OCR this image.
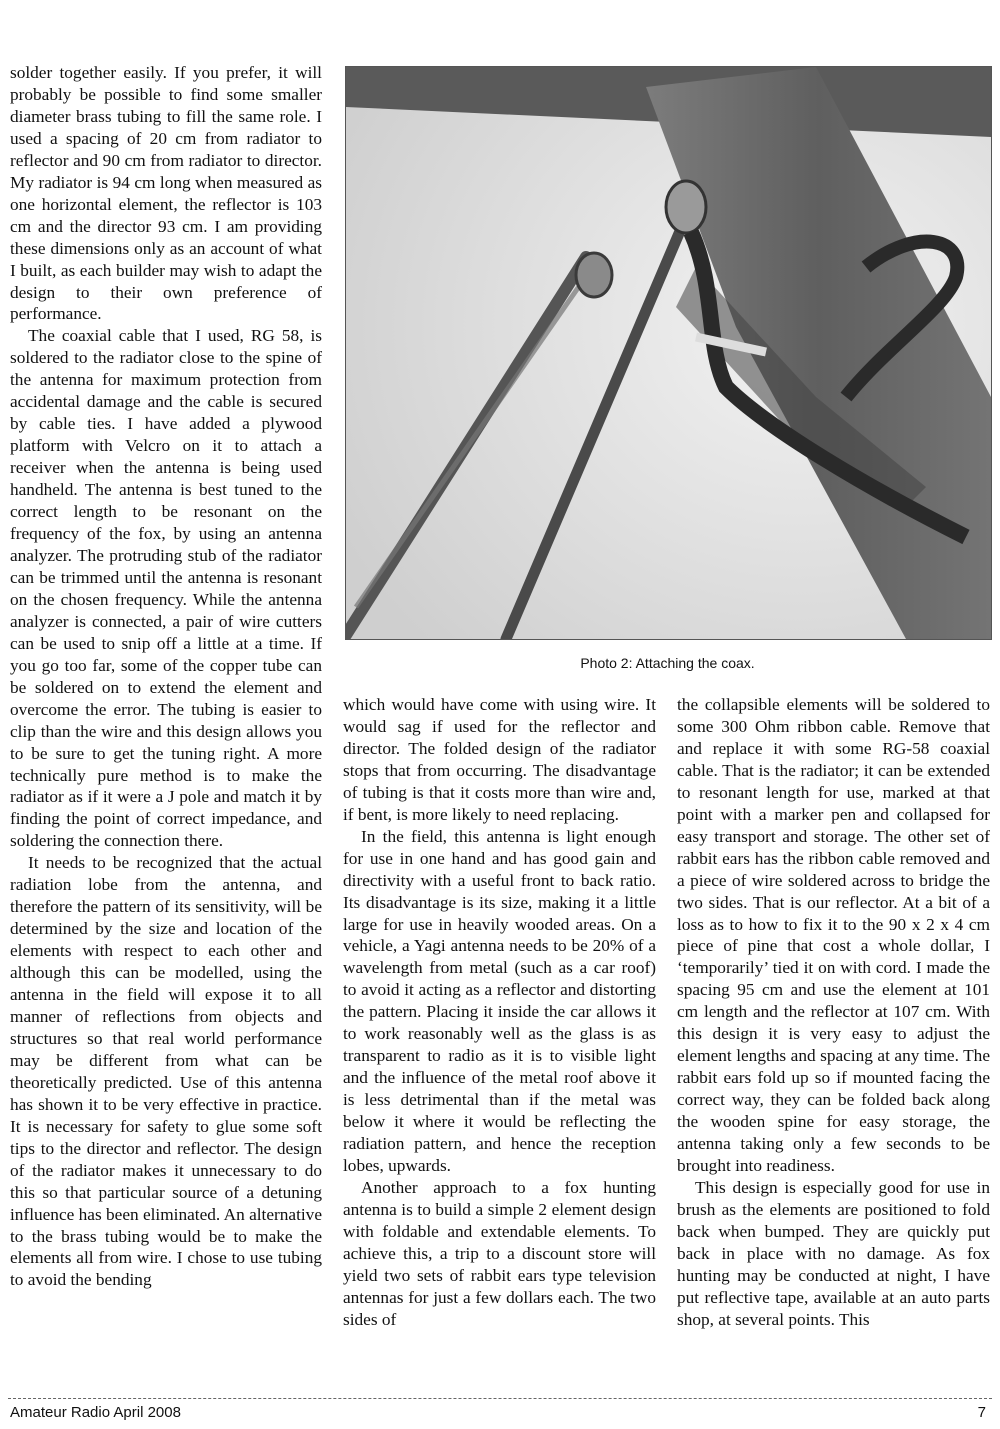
solder together easily. If you prefer, it will probably be possible to find some smaller diameter brass tubing to fill the same role. I used a spacing of 20 cm from radiator to reflector and 90 cm from radiator to director. My radiator is 94 cm long when measured as one horizontal element, the reflector is 103 cm and the director 93 cm. I am providing these dimensions only as an account of what I built, as each builder may wish to adapt the design to their own preference of performance.

The coaxial cable that I used, RG 58, is soldered to the radiator close to the spine of the antenna for maximum protection from accidental damage and the cable is secured by cable ties. I have added a plywood platform with Velcro on it to attach a receiver when the antenna is being used handheld. The antenna is best tuned to the correct length to be resonant on the frequency of the fox, by using an antenna analyzer. The protruding stub of the radiator can be trimmed until the antenna is resonant on the chosen frequency. While the antenna analyzer is connected, a pair of wire cutters can be used to snip off a little at a time. If you go too far, some of the copper tube can be soldered on to extend the element and overcome the error. The tubing is easier to clip than the wire and this design allows you to be sure to get the tuning right. A more technically pure method is to make the radiator as if it were a J pole and match it by finding the point of correct impedance, and soldering the connection there.

It needs to be recognized that the actual radiation lobe from the antenna, and therefore the pattern of its sensitivity, will be determined by the size and location of the elements with respect to each other and although this can be modelled, using the antenna in the field will expose it to all manner of reflections from objects and structures so that real world performance may be different from what can be theoretically predicted. Use of this antenna has shown it to be very effective in practice. It is necessary for safety to glue some soft tips to the director and reflector. The design of the radiator makes it unnecessary to do this so that particular source of a detuning influence has been eliminated. An alternative to the brass tubing would be to make the elements all from wire. I chose to use tubing to avoid the bending

Photo 2: Attaching the coax.

which would have come with using wire. It would sag if used for the reflector and director. The folded design of the radiator stops that from occurring. The disadvantage of tubing is that it costs more than wire and, if bent, is more likely to need replacing.

In the field, this antenna is light enough for use in one hand and has good gain and directivity with a useful front to back ratio. Its disadvantage is its size, making it a little large for use in heavily wooded areas. On a vehicle, a Yagi antenna needs to be 20% of a wavelength from metal (such as a car roof) to avoid it acting as a reflector and distorting the pattern. Placing it inside the car allows it to work reasonably well as the glass is as transparent to radio as it is to visible light and the influence of the metal roof above it is less detrimental than if the metal was below it where it would be reflecting the radiation pattern, and hence the reception lobes, upwards.

Another approach to a fox hunting antenna is to build a simple 2 element design with foldable and extendable elements. To achieve this, a trip to a discount store will yield two sets of rabbit ears type television antennas for just a few dollars each. The two sides of

the collapsible elements will be soldered to some 300 Ohm ribbon cable. Remove that and replace it with some RG-58 coaxial cable. That is the radiator; it can be extended to resonant length for use, marked at that point with a marker pen and collapsed for easy transport and storage. The other set of rabbit ears has the ribbon cable removed and a piece of wire soldered across to bridge the two sides. That is our reflector. At a bit of a loss as to how to fix it to the 90 x 2 x 4 cm piece of pine that cost a whole dollar, I ‘temporarily’ tied it on with cord. I made the spacing 95 cm and use the element at 101 cm length and the reflector at 107 cm. With this design it is very easy to adjust the element lengths and spacing at any time. The rabbit ears fold up so if mounted facing the correct way, they can be folded back along the wooden spine for easy storage, the antenna taking only a few seconds to be brought into readiness.

This design is especially good for use in brush as the elements are positioned to fold back when bumped. They are quickly put back in place with no damage. As fox hunting may be conducted at night, I have put reflective tape, available at an auto parts shop, at several points. This

Amateur Radio April 2008	7
